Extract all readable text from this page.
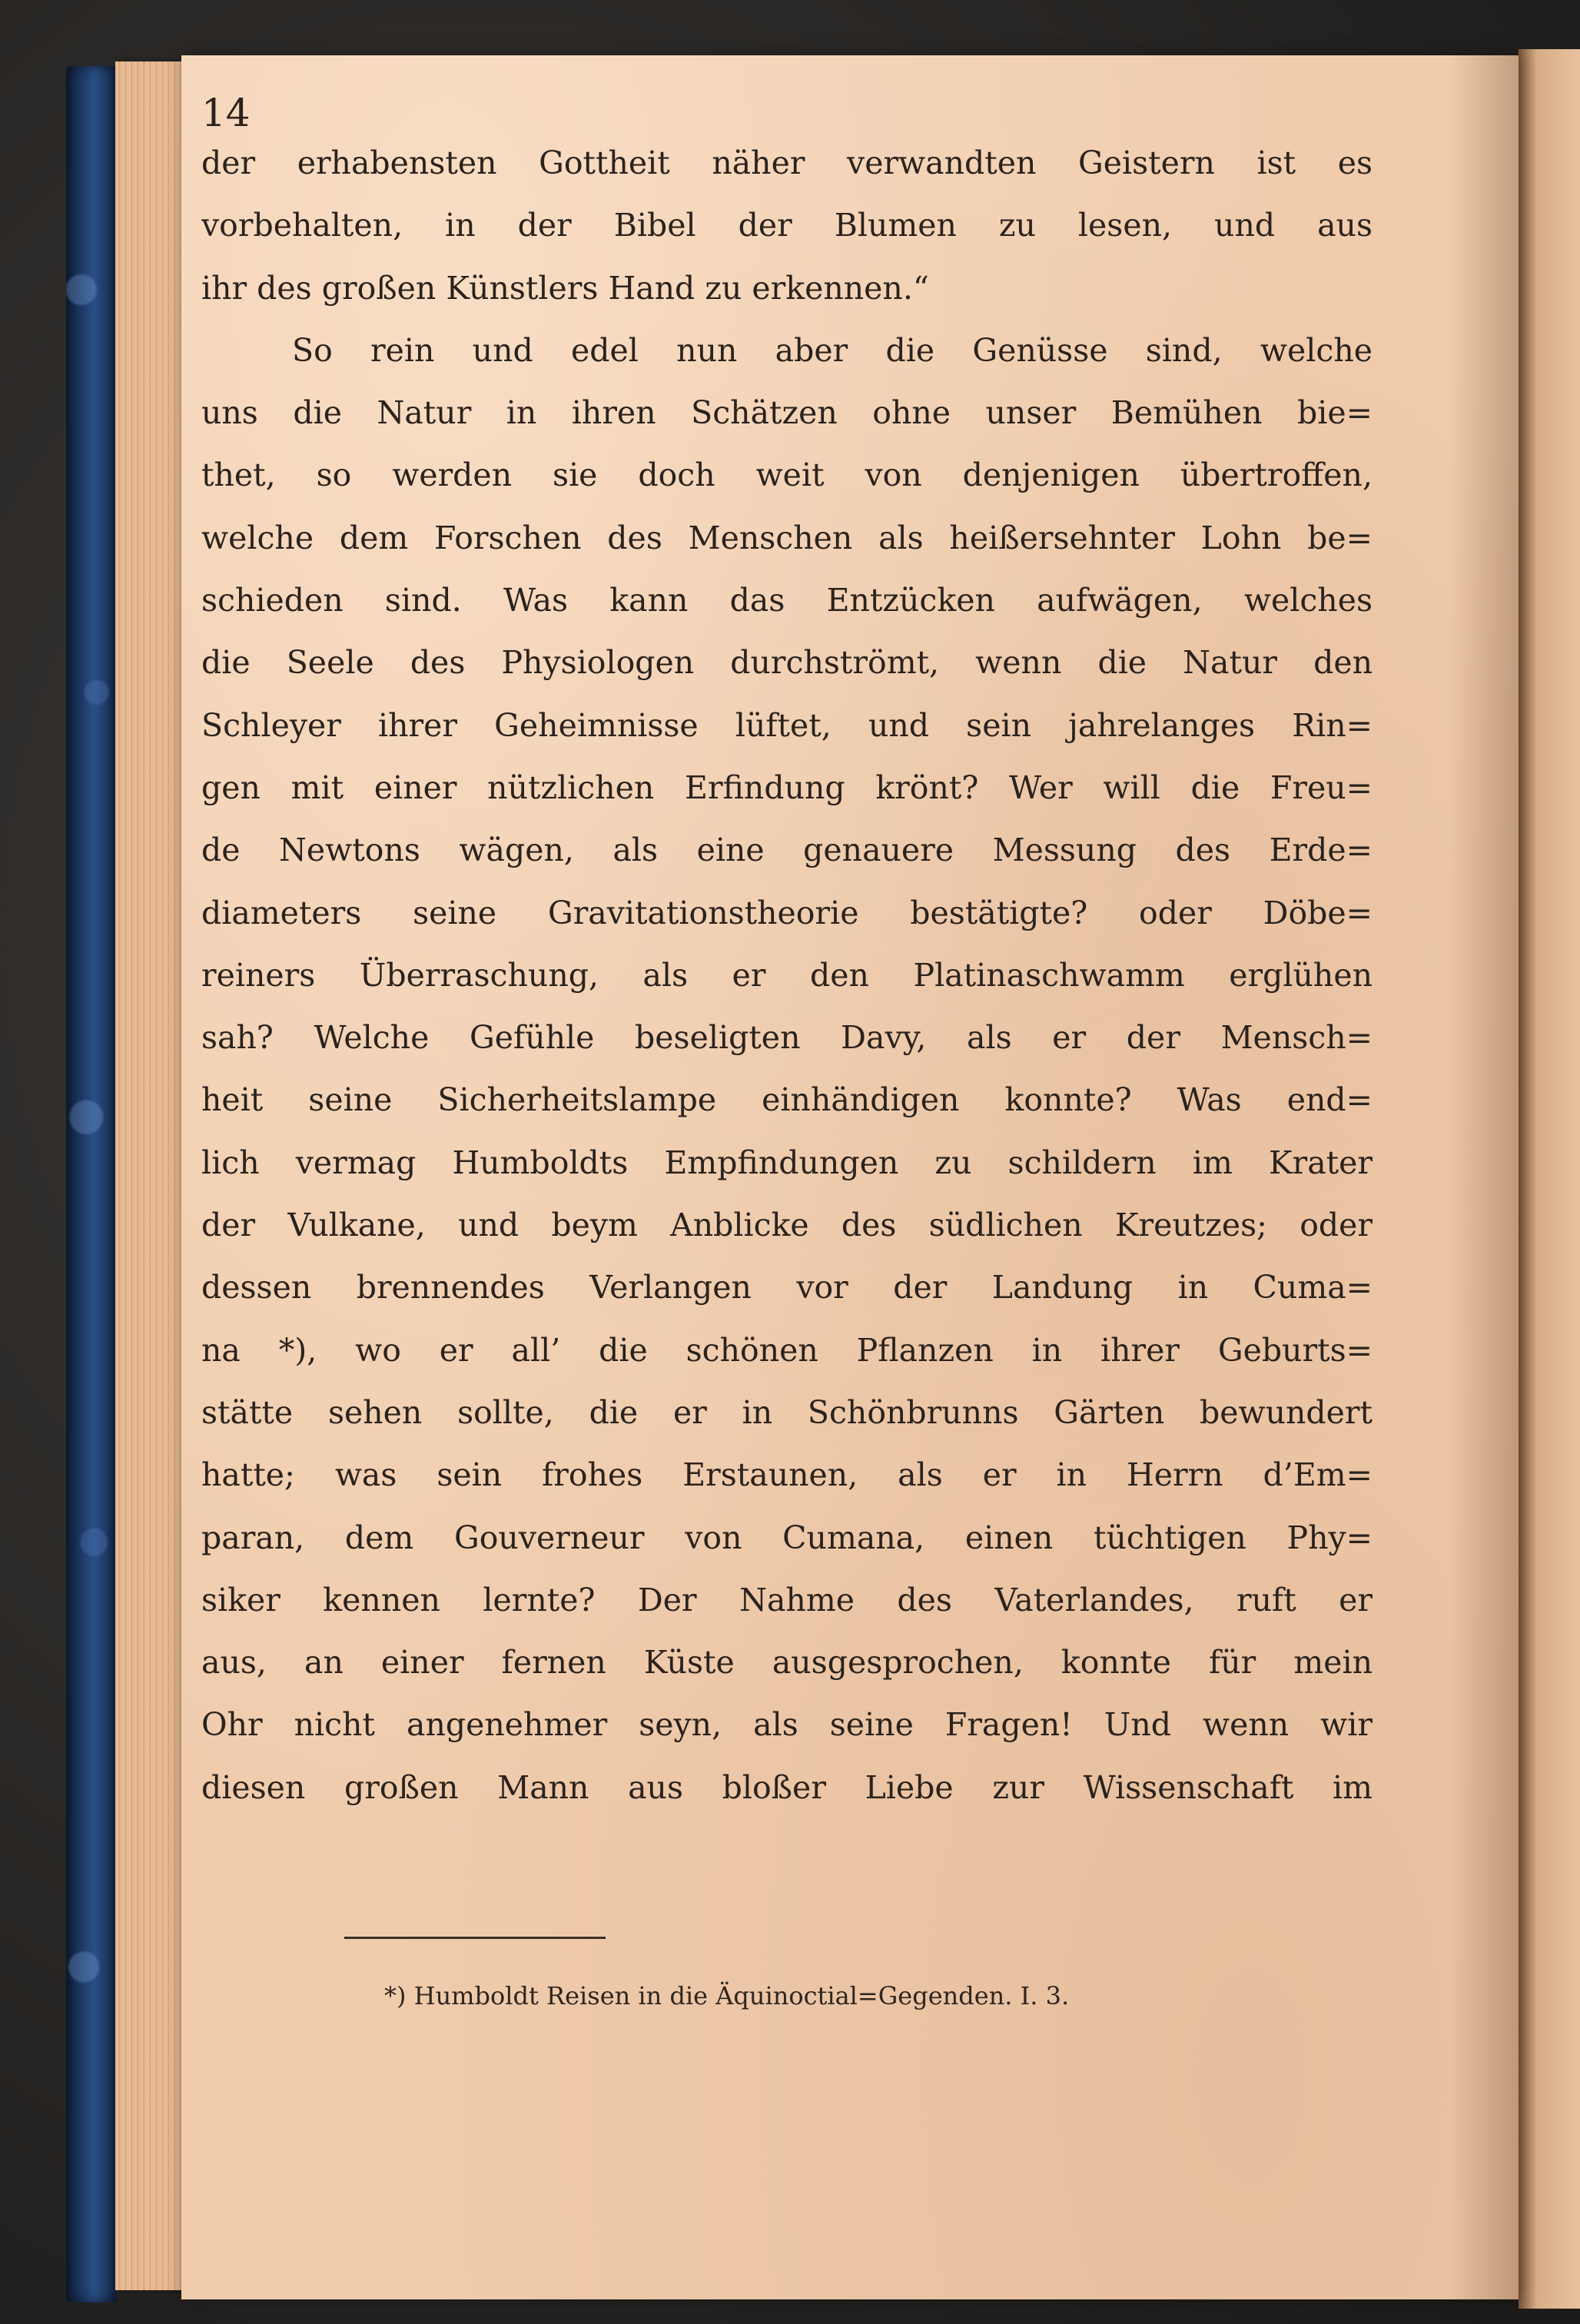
14

der erhabensten Gottheit näher verwandten Geistern ist es

vorbehalten, in der Bibel der Blumen zu lesen, und aus

ihr des großen Künstlers Hand zu erkennen.“

So rein und edel nun aber die Genüsse sind, welche

uns die Natur in ihren Schätzen ohne unser Bemühen bie=

thet, so werden sie doch weit von denjenigen übertroffen,

welche dem Forschen des Menschen als heißersehnter Lohn be=

schieden sind. Was kann das Entzücken aufwägen, welches

die Seele des Physiologen durchströmt, wenn die Natur den

Schleyer ihrer Geheimnisse lüftet, und sein jahrelanges Rin=

gen mit einer nützlichen Erfindung krönt? Wer will die Freu=

de Newtons wägen, als eine genauere Messung des Erde=

diameters seine Gravitationstheorie bestätigte? oder Döbe=

reiners Überraschung, als er den Platinaschwamm erglühen

sah? Welche Gefühle beseligten Davy, als er der Mensch=

heit seine Sicherheitslampe einhändigen konnte? Was end=

lich vermag Humboldts Empfindungen zu schildern im Krater

der Vulkane, und beym Anblicke des südlichen Kreutzes; oder

dessen brennendes Verlangen vor der Landung in Cuma=

na *), wo er all’ die schönen Pflanzen in ihrer Geburts=

stätte sehen sollte, die er in Schönbrunns Gärten bewundert

hatte; was sein frohes Erstaunen, als er in Herrn d’Em=

paran, dem Gouverneur von Cumana, einen tüchtigen Phy=

siker kennen lernte? Der Nahme des Vaterlandes, ruft er

aus, an einer fernen Küste ausgesprochen, konnte für mein

Ohr nicht angenehmer seyn, als seine Fragen! Und wenn wir

diesen großen Mann aus bloßer Liebe zur Wissenschaft im

*) Humboldt Reisen in die Äquinoctial=Gegenden. I. 3.
